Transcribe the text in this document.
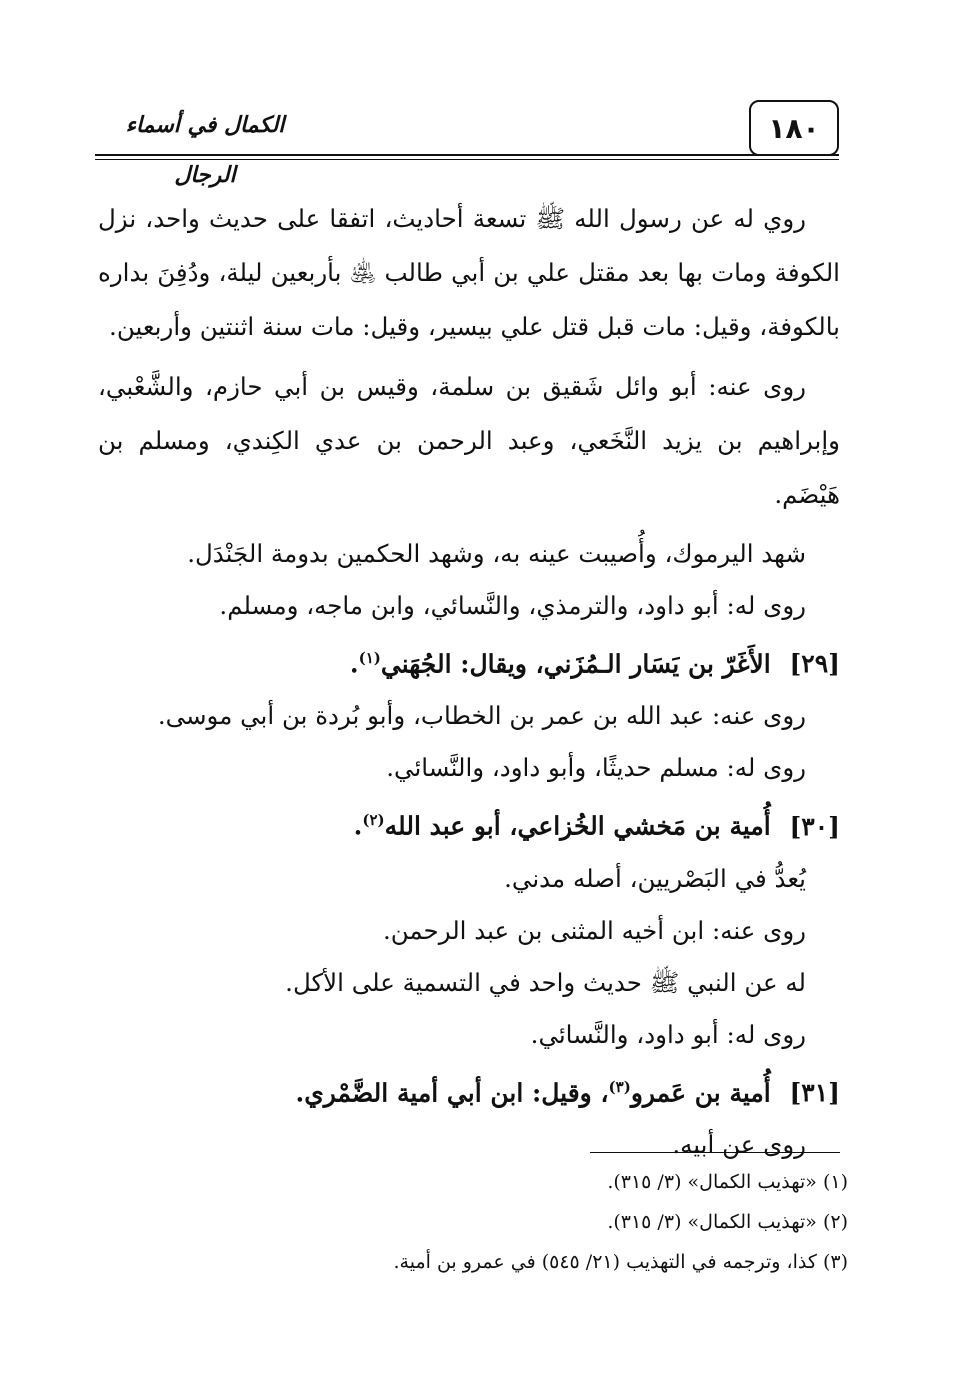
الكمال في أسماء الرجال
١٨٠

روي له عن رسول الله ﷺ تسعة أحاديث، اتفقا على حديث واحد، نزل الكوفة ومات بها بعد مقتل علي بن أبي طالب ﵁ بأربعين ليلة، ودُفِنَ بداره بالكوفة، وقيل: مات قبل قتل علي بيسير، وقيل: مات سنة اثنتين وأربعين.

روى عنه: أبو وائل شَقيق بن سلمة، وقيس بن أبي حازم، والشَّعْبي، وإبراهيم بن يزيد النَّخَعي، وعبد الرحمن بن عدي الكِندي، ومسلم بن هَيْضَم.

شهد اليرموك، وأُصيبت عينه به، وشهد الحكمين بدومة الجَنْدَل.

روى له: أبو داود، والترمذي، والنَّسائي، وابن ماجه، ومسلم.

[٢٩] الأَغَرّ بن يَسَار الـمُزَني، ويقال: الجُهَني$^{(١)}$.

روى عنه: عبد الله بن عمر بن الخطاب، وأبو بُردة بن أبي موسى.

روى له: مسلم حديثًا، وأبو داود، والنَّسائي.

[٣٠] أُمية بن مَخشي الخُزاعي، أبو عبد الله$^{(٢)}$.

يُعدُّ في البَصْريين، أصله مدني.

روى عنه: ابن أخيه المثنى بن عبد الرحمن.

له عن النبي ﷺ حديث واحد في التسمية على الأكل.

روى له: أبو داود، والنَّسائي.

[٣١] أُمية بن عَمرو$^{(٣)}$، وقيل: ابن أبي أمية الضَّمْري.

روى عن أبيه.

(١) «تهذيب الكمال» (٣/ ٣١٥).

(٢) «تهذيب الكمال» (٣/ ٣١٥).

(٣) كذا، وترجمه في التهذيب (٢١/ ٥٤٥) في عمرو بن أمية.
